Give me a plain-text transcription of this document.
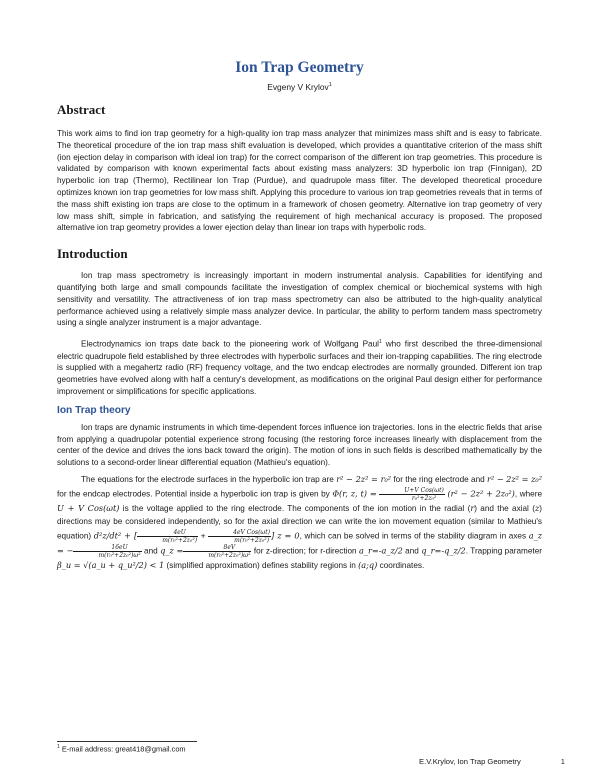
Ion Trap Geometry
Evgeny V Krylov$^1$
Abstract

This work aims to find ion trap geometry for a high-quality ion trap mass analyzer that minimizes mass shift and is easy to fabricate. The theoretical procedure of the ion trap mass shift evaluation is developed, which provides a quantitative criterion of the mass shift (ion ejection delay in comparison with ideal ion trap) for the correct comparison of the different ion trap geometries. This procedure is validated by comparison with known experimental facts about existing mass analyzers: 3D hyperbolic ion trap (Finnigan), 2D hyperbolic ion trap (Thermo), Rectilinear Ion Trap (Purdue), and quadrupole mass filter. The developed theoretical procedure optimizes known ion trap geometries for low mass shift. Applying this procedure to various ion trap geometries reveals that in terms of the mass shift existing ion traps are close to the optimum in a framework of chosen geometry. Alternative ion trap geometry of very low mass shift, simple in fabrication, and satisfying the requirement of high mechanical accuracy is proposed. The proposed alternative ion trap geometry provides a lower ejection delay than linear ion traps with hyperbolic rods.

Introduction

Ion trap mass spectrometry is increasingly important in modern instrumental analysis. Capabilities for identifying and quantifying both large and small compounds facilitate the investigation of complex chemical or biochemical systems with high sensitivity and versatility. The attractiveness of ion trap mass spectrometry can also be attributed to the high-quality analytical performance achieved using a relatively simple mass analyzer device. In particular, the ability to perform tandem mass spectrometry using a single analyzer instrument is a major advantage.

Electrodynamics ion traps date back to the pioneering work of Wolfgang Paul$^1$ who first described the three-dimensional electric quadrupole field established by three electrodes with hyperbolic surfaces and their ion-trapping capabilities. The ring electrode is supplied with a megahertz radio (RF) frequency voltage, and the two endcap electrodes are normally grounded. Different ion trap geometries have evolved along with half a century's development, as modifications on the original Paul design either for performance improvement or simplifications for specific applications.

Ion Trap theory

Ion traps are dynamic instruments in which time-dependent forces influence ion trajectories. Ions in the electric fields that arise from applying a quadrupolar potential experience strong focusing (the restoring force increases linearly with displacement from the center of the device and drives the ions back toward the origin). The motion of ions in such fields is described mathematically by the solutions to a second-order linear differential equation (Mathieu's equation).

The equations for the electrode surfaces in the hyperbolic ion trap are r² − 2z² = r₀² for the ring electrode and r² − 2z² = z₀² for the endcap electrodes. Potential inside a hyperbolic ion trap is given by Φ(r, z, $t) = \frac{\text{U+V Cos(ωt)}}{\text{r₀²+2z₀²}} (r^2 - 2z^2 + 2z_0^2)$, where U + V Cos(ωt) is the voltage applied to the ring electrode. The components of the ion motion in the radial (r) and the axial (z) directions may be considered independently, so for the axial direction we can write the ion movement equation (similar to Mathieu's equation) d²z/dt² + [ $\frac{4eU}{\text{m(r₀²+2z₀²)}} + \frac{\text{4eV Cos(ωt)}}{\text{m(r₀²+2z₀²)}}$ ] z = 0, which can be solved in terms of the stability diagram in axes a_z = − $\frac{16eU}{\text{m(r₀²+2z₀²)ω²}}$ and q_z = $\frac{8eV}{\text{m(r₀²+2z₀²)ω²}}$ for z-direction; for r-direction a_r=-a_z/2 and q_r=-q_z/2. Trapping parameter β_u = √(a_u + q_u²/2) < 1 (simplified approximation) defines stability regions in (a;q) coordinates.

$^1$ E-mail address: great418@gmail.com
E.V.Krylov, Ion Trap Geometry	1
